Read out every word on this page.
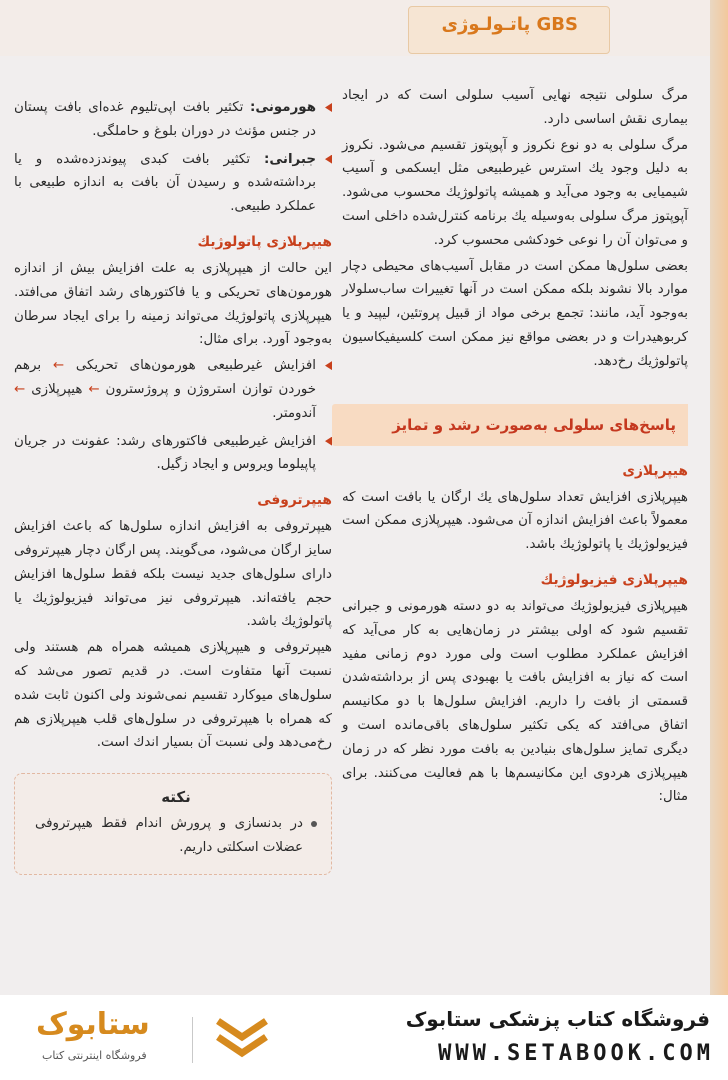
GBS پاتـولـوژی

مرگ سلولی نتیجه نهایی آسیب سلولی است که در ایجاد بیماری نقش اساسی دارد.

مرگ سلولی به دو نوع نکروز و آپوپتوز تقسیم می‌شود. نکروز به دلیل وجود یك استرس غیرطبیعی مثل ایسکمی و آسیب شیمیایی به وجود می‌آید و همیشه پاتولوژیك محسوب می‌شود. آپوپتوز مرگ سلولی به‌وسیله یك برنامه کنترل‌شده داخلی است و می‌توان آن را نوعی خودکشی محسوب کرد.

بعضی سلول‌ها ممکن است در مقابل آسیب‌های محیطی دچار موارد بالا نشوند بلکه ممکن است در آنها تغییرات ساب‌سلولار به‌وجود آید، مانند: تجمع برخی مواد از قبیل پروتئین، لیپید و یا کربوهیدرات و در بعضی مواقع نیز ممکن است کلسیفیکاسیون پاتولوژیك رخ‌دهد.

پاسخ‌های سلولی به‌صورت رشد و تمایز
هیپرپلازی

هیپرپلازی افزایش تعداد سلول‌های یك ارگان یا بافت است که معمولاً باعث افزایش اندازه آن می‌شود. هیپرپلازی ممکن است فیزیولوژیك یا پاتولوژیك باشد.

هیپرپلازی فیزیولوژیك

هیپرپلازی فیزیولوژیك می‌تواند به دو دسته هورمونی و جبرانی تقسیم شود که اولی بیشتر در زمان‌هایی به کار می‌آید که افزایش عملکرد مطلوب است ولی مورد دوم زمانی مفید است که نیاز به افزایش بافت یا بهبودی پس از برداشته‌شدن قسمتی از بافت را داریم. افزایش سلول‌ها با دو مکانیسم اتفاق می‌افتد که یکی تکثیر سلول‌های باقی‌مانده است و دیگری تمایز سلول‌های بنیادین به بافت مورد نظر که در زمان هیپرپلازی هردوی این مکانیسم‌ها با هم فعالیت می‌کنند. برای مثال:

هورمونی: تکثیر بافت اپی‌تلیوم غده‌ای بافت پستان در جنس مؤنث در دوران بلوغ و حاملگی.
جبرانی: تکثیر بافت کبدی پیوندزده‌شده و یا برداشته‌شده و رسیدن آن بافت به اندازه طبیعی با عملکرد طبیعی.
هیپرپلازی پاتولوژیك

این حالت از هیپرپلازی به علت افزایش بیش از اندازه هورمون‌های تحریکی و یا فاکتورهای رشد اتفاق می‌افتد. هیپرپلازی پاتولوژیك می‌تواند زمینه را برای ایجاد سرطان به‌وجود آورد. برای مثال:

افزایش غیرطبیعی هورمون‌های تحریکی ← برهم خوردن توازن استروژن و پروژسترون ← هیپرپلازی ← آندومتر.
افزایش غیرطبیعی فاکتورهای رشد: عفونت در جریان پاپیلوما ویروس و ایجاد زگیل.
هیپرتروفی

هیپرتروفی به افزایش اندازه سلول‌ها که باعث افزایش سایز ارگان می‌شود، می‌گویند. پس ارگان دچار هیپرتروفی دارای سلول‌های جدید نیست بلکه فقط سلول‌ها افزایش حجم یافته‌اند. هیپرتروفی نیز می‌تواند فیزیولوژیك یا پاتولوژیك باشد.

هیپرتروفی و هیپرپلازی همیشه همراه هم هستند ولی نسبت آنها متفاوت است. در قدیم تصور می‌شد که سلول‌های میوکارد تقسیم نمی‌شوند ولی اکنون ثابت شده که همراه با هیپرتروفی در سلول‌های قلب هیپرپلازی هم رخ‌می‌دهد ولی نسبت آن بسیار اندك است.

نکته
در بدنسازی و پرورش اندام فقط هیپرتروفی عضلات اسکلتی داریم.
ستابوک
فروشگاه اینترنتی کتاب
فروشگاه کتاب پزشکی ستابوک
WWW.SETABOOK.COM
